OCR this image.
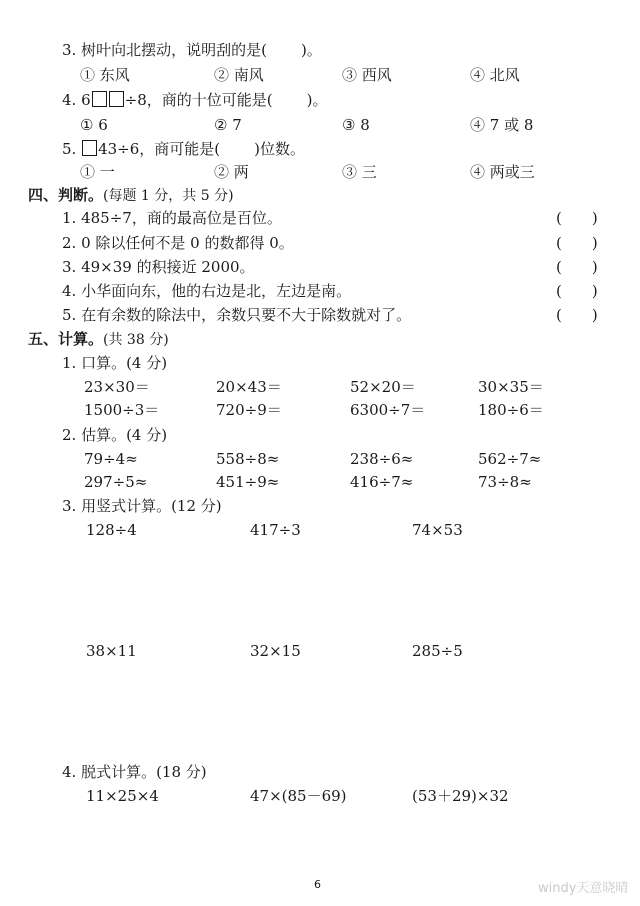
3. 树叶向北摆动，说明刮的是( )。
① 东风	② 南风	③ 西风	④ 北风
4. 6 ÷8，商的十位可能是( )。
① 6	② 7	③ 8	④ 7 或 8
5. 43÷6，商可能是( )位数。
① 一	② 两	③ 三	④ 两或三
四、判断。(每题 1 分，共 5 分)
1. 485÷7，商的最高位是百位。	(　　)
2. 0 除以任何不是 0 的数都得 0。	(　　)
3. 49×39 的积接近 2000。	(　　)
4. 小华面向东，他的右边是北，左边是南。	(　　)
5. 在有余数的除法中，余数只要不大于除数就对了。	(　　)
五、计算。(共 38 分)
1. 口算。(4 分)
23×30＝	20×43＝	52×20＝	30×35＝
1500÷3＝	720÷9＝	6300÷7＝	180÷6＝
2. 估算。(4 分)
79÷4≈	558÷8≈	238÷6≈	562÷7≈
297÷5≈	451÷9≈	416÷7≈	73÷8≈
3. 用竖式计算。(12 分)
128÷4	417÷3	74×53
38×11	32×15	285÷5
4. 脱式计算。(18 分)
11×25×4	47×(85－69)	(53＋29)×32
6	windy天意晓晴
